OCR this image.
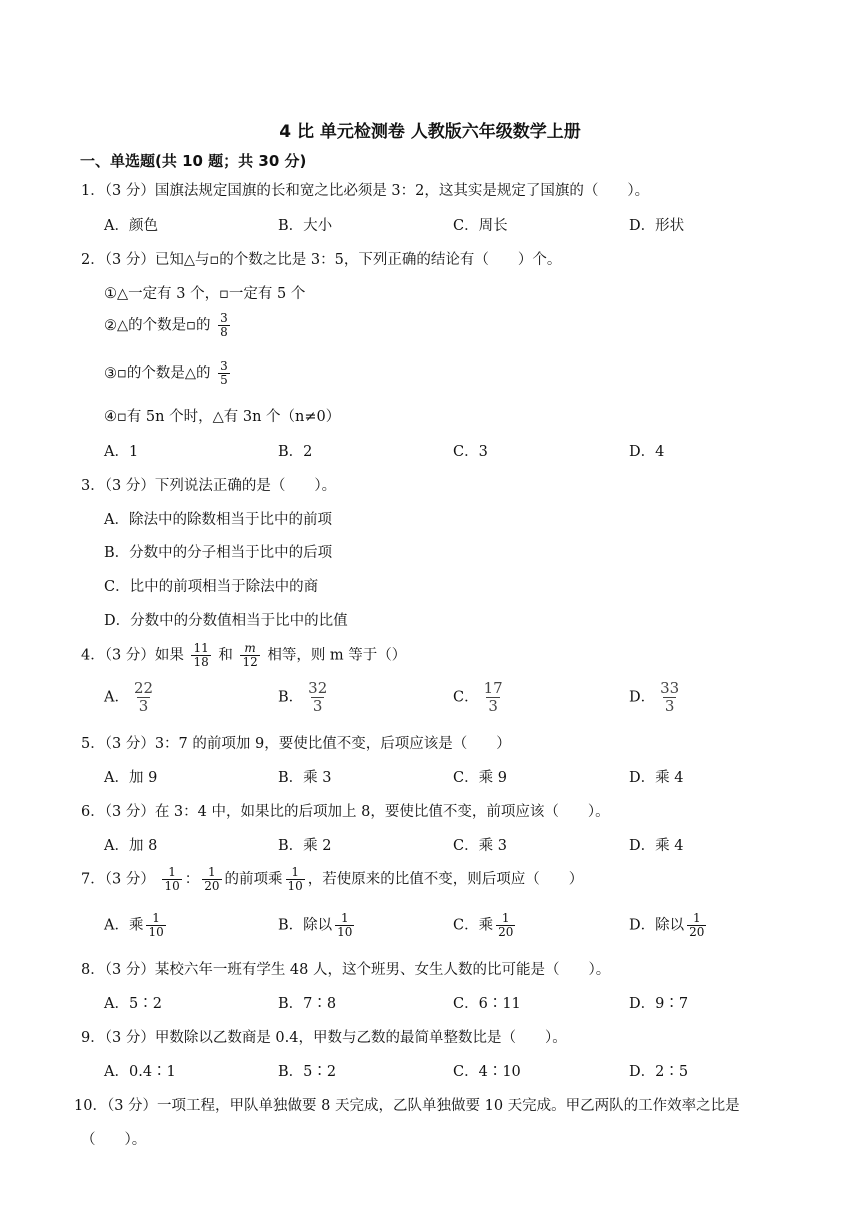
4 比 单元检测卷 人教版六年级数学上册
一、单选题(共 10 题；共 30 分)
1．（3 分）国旗法规定国旗的长和宽之比必须是 3：2，这其实是规定了国旗的（　　）。
A．颜色	B．大小	C．周长	D．形状
2．（3 分）已知△与▫的个数之比是 3：5，下列正确的结论有（　　）个。
①△一定有 3 个，▫一定有 5 个
②△的个数是▫的 $\frac{3}{8}$
③▫的个数是△的 $\frac{3}{5}$
④▫有 5n 个时，△有 3n 个（n≠0）
A．1	B．2	C．3	D．4
3．（3 分）下列说法正确的是（　　）。
A．除法中的除数相当于比中的前项
B．分数中的分子相当于比中的后项
C．比中的前项相当于除法中的商
D．分数中的分数值相当于比中的比值
4．（3 分）如果 $\frac{11}{18}$ 和 $\frac{m}{12}$ 相等，则 m 等于（）
A． $\frac{22}{3}$	B． $\frac{32}{3}$	C． $\frac{17}{3}$	D． $\frac{33}{3}$
5．（3 分）3：7 的前项加 9，要使比值不变，后项应该是（　　）
A．加 9	B．乘 3	C．乘 9	D．乘 4
6．（3 分）在 3：4 中，如果比的后项加上 8，要使比值不变，前项应该（　　）。
A．加 8	B．乘 2	C．乘 3	D．乘 4
7．（3 分） $\frac{1}{10}$ ： $\frac{1}{20}$ 的前项乘 $\frac{1}{10}$ ，若使原来的比值不变，则后项应（　　）
A．乘 $\frac{1}{10}$	B．除以 $\frac{1}{10}$	C．乘 $\frac{1}{20}$	D．除以 $\frac{1}{20}$
8．（3 分）某校六年一班有学生 48 人，这个班男、女生人数的比可能是（　　）。
A．5∶2	B．7∶8	C．6∶11	D．9∶7
9．（3 分）甲数除以乙数商是 0.4，甲数与乙数的最简单整数比是（　　）。
A．0.4∶1	B．5∶2	C．4∶10	D．2∶5
10．（3 分）一项工程，甲队单独做要 8 天完成，乙队单独做要 10 天完成。甲乙两队的工作效率之比是
（　　）。
